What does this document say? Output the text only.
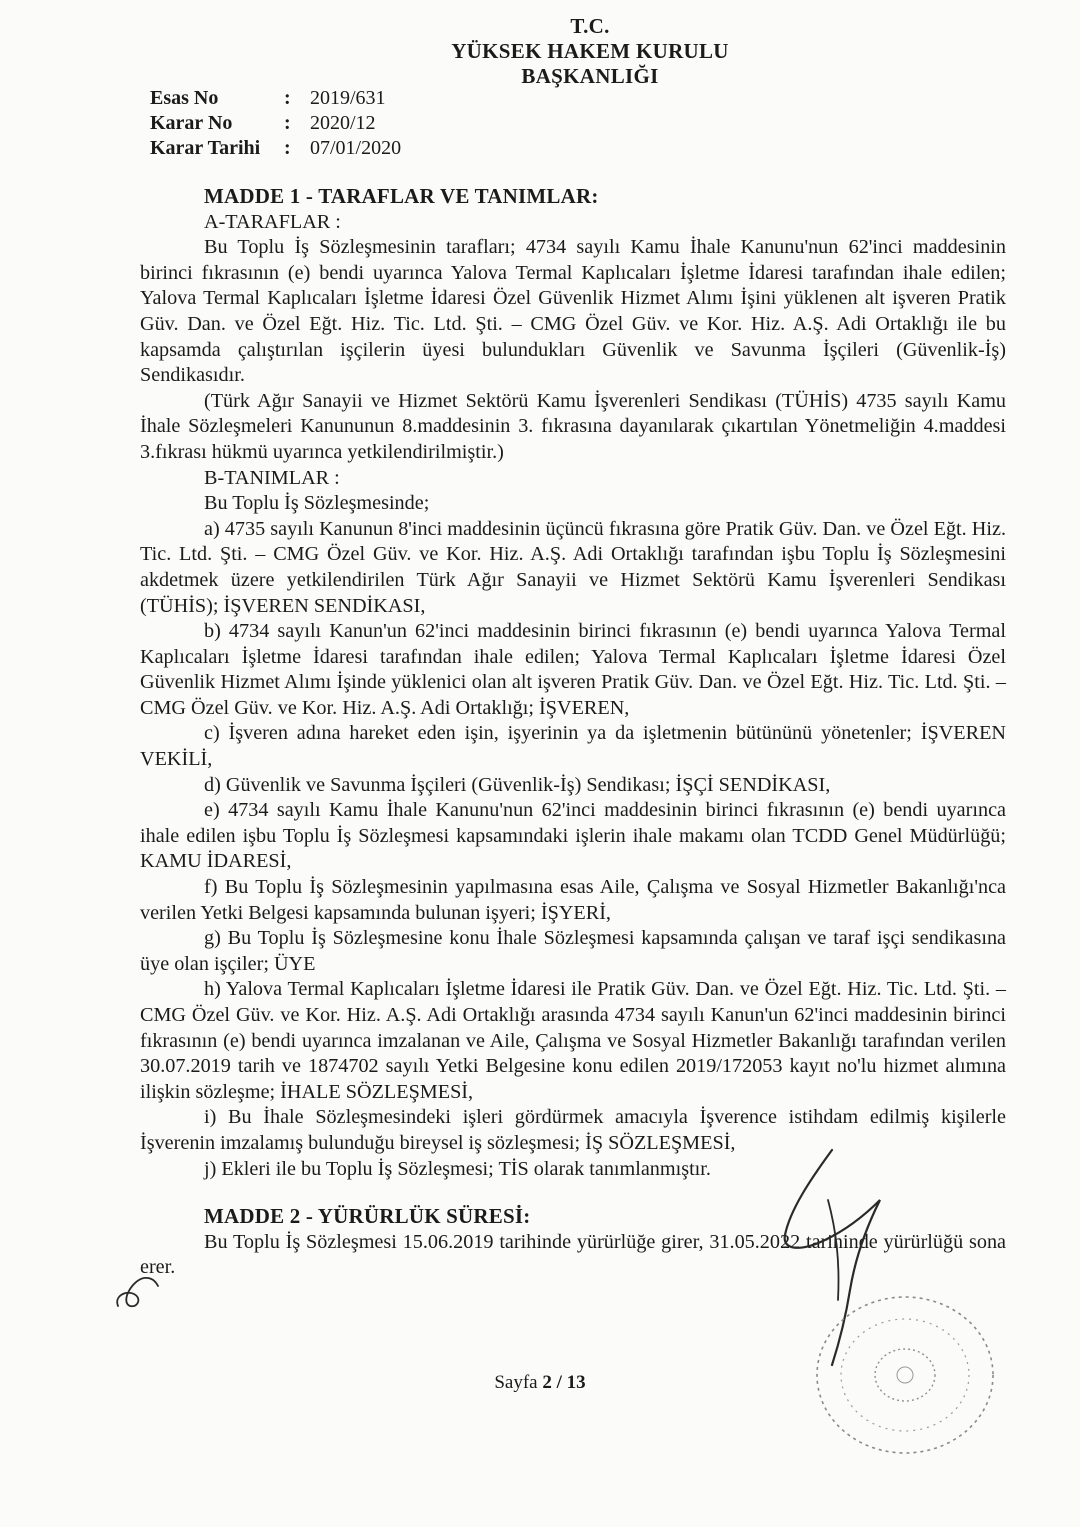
T.C.
YÜKSEK HAKEM KURULU
BAŞKANLIĞI
Esas No	: 2019/631
Karar No	: 2020/12
Karar Tarihi	: 07/01/2020
MADDE 1 - TARAFLAR VE TANIMLAR:
A-TARAFLAR :

Bu Toplu İş Sözleşmesinin tarafları; 4734 sayılı Kamu İhale Kanunu'nun 62'inci maddesinin birinci fıkrasının (e) bendi uyarınca Yalova Termal Kaplıcaları İşletme İdaresi tarafından ihale edilen; Yalova Termal Kaplıcaları İşletme İdaresi Özel Güvenlik Hizmet Alımı İşini yüklenen alt işveren Pratik Güv. Dan. ve Özel Eğt. Hiz. Tic. Ltd. Şti. – CMG Özel Güv. ve Kor. Hiz. A.Ş. Adi Ortaklığı ile bu kapsamda çalıştırılan işçilerin üyesi bulundukları Güvenlik ve Savunma İşçileri (Güvenlik-İş) Sendikasıdır.

(Türk Ağır Sanayii ve Hizmet Sektörü Kamu İşverenleri Sendikası (TÜHİS) 4735 sayılı Kamu İhale Sözleşmeleri Kanununun 8.maddesinin 3. fıkrasına dayanılarak çıkartılan Yönetmeliğin 4.maddesi 3.fıkrası hükmü uyarınca yetkilendirilmiştir.)

B-TANIMLAR :
Bu Toplu İş Sözleşmesinde;

a) 4735 sayılı Kanunun 8'inci maddesinin üçüncü fıkrasına göre Pratik Güv. Dan. ve Özel Eğt. Hiz. Tic. Ltd. Şti. – CMG Özel Güv. ve Kor. Hiz. A.Ş. Adi Ortaklığı tarafından işbu Toplu İş Sözleşmesini akdetmek üzere yetkilendirilen Türk Ağır Sanayii ve Hizmet Sektörü Kamu İşverenleri Sendikası (TÜHİS); İŞVEREN SENDİKASI,

b) 4734 sayılı Kanun'un 62'inci maddesinin birinci fıkrasının (e) bendi uyarınca Yalova Termal Kaplıcaları İşletme İdaresi tarafından ihale edilen; Yalova Termal Kaplıcaları İşletme İdaresi Özel Güvenlik Hizmet Alımı İşinde yüklenici olan alt işveren Pratik Güv. Dan. ve Özel Eğt. Hiz. Tic. Ltd. Şti. – CMG Özel Güv. ve Kor. Hiz. A.Ş. Adi Ortaklığı; İŞVEREN,

c) İşveren adına hareket eden işin, işyerinin ya da işletmenin bütününü yönetenler; İŞVEREN VEKİLİ,

d) Güvenlik ve Savunma İşçileri (Güvenlik-İş) Sendikası; İŞÇİ SENDİKASI,

e) 4734 sayılı Kamu İhale Kanunu'nun 62'inci maddesinin birinci fıkrasının (e) bendi uyarınca ihale edilen işbu Toplu İş Sözleşmesi kapsamındaki işlerin ihale makamı olan TCDD Genel Müdürlüğü; KAMU İDARESİ,

f) Bu Toplu İş Sözleşmesinin yapılmasına esas Aile, Çalışma ve Sosyal Hizmetler Bakanlığı'nca verilen Yetki Belgesi kapsamında bulunan işyeri; İŞYERİ,

g) Bu Toplu İş Sözleşmesine konu İhale Sözleşmesi kapsamında çalışan ve taraf işçi sendikasına üye olan işçiler; ÜYE

h) Yalova Termal Kaplıcaları İşletme İdaresi ile Pratik Güv. Dan. ve Özel Eğt. Hiz. Tic. Ltd. Şti. – CMG Özel Güv. ve Kor. Hiz. A.Ş. Adi Ortaklığı arasında 4734 sayılı Kanun'un 62'inci maddesinin birinci fıkrasının (e) bendi uyarınca imzalanan ve Aile, Çalışma ve Sosyal Hizmetler Bakanlığı tarafından verilen 30.07.2019 tarih ve 1874702 sayılı Yetki Belgesine konu edilen 2019/172053 kayıt no'lu hizmet alımına ilişkin sözleşme; İHALE SÖZLEŞMESİ,

i) Bu İhale Sözleşmesindeki işleri gördürmek amacıyla İşverence istihdam edilmiş kişilerle İşverenin imzalamış bulunduğu bireysel iş sözleşmesi; İŞ SÖZLEŞMESİ,

j) Ekleri ile bu Toplu İş Sözleşmesi; TİS olarak tanımlanmıştır.

MADDE 2 - YÜRÜRLÜK SÜRESİ:

Bu Toplu İş Sözleşmesi 15.06.2019 tarihinde yürürlüğe girer, 31.05.2022 tarihinde yürürlüğü sona erer.

Sayfa 2 / 13
